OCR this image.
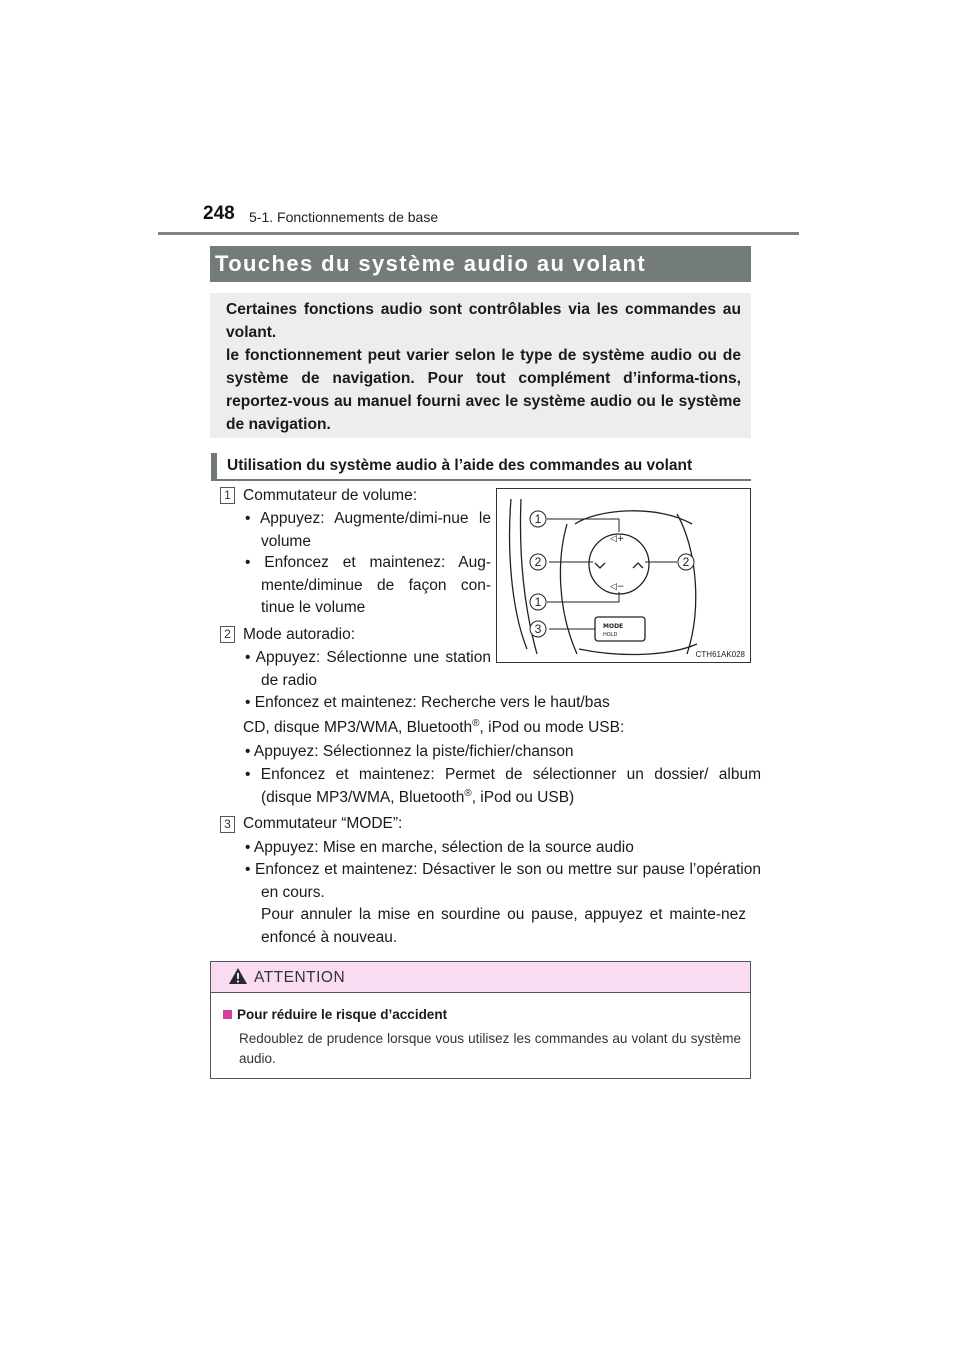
248 5-1. Fonctionnements de base
Touches du système audio au volant

Certaines fonctions audio sont contrôlables via les commandes au volant.

le fonctionnement peut varier selon le type de système audio ou de système de navigation. Pour tout complément d’informa-tions, reportez-vous au manuel fourni avec le système audio ou le système de navigation.

Utilisation du système audio à l’aide des commandes au volant
1 Commutateur de volume:
• Appuyez: Augmente/dimi-nue le volume
• Enfoncez et maintenez: Aug-mente/diminue de façon con-tinue le volume
2 Mode autoradio:
• Appuyez: Sélectionne une station de radio
• Enfoncez et maintenez: Recherche vers le haut/bas
CD, disque MP3/WMA, Bluetooth®, iPod ou mode USB:
• Appuyez: Sélectionnez la piste/fichier/chanson
• Enfoncez et maintenez: Permet de sélectionner un dossier/ album (disque MP3/WMA, Bluetooth®, iPod ou USB)
3 Commutateur “MODE”:
• Appuyez: Mise en marche, sélection de la source audio
• Enfoncez et maintenez: Désactiver le son ou mettre sur pause l’opération en cours.
Pour annuler la mise en sourdine ou pause, appuyez et mainte-nez enfoncé à nouveau.
◁+
◁−
MODE
HOLD
1
2
1
3
2
CTH61AK028
ATTENTION
Pour réduire le risque d’accident
Redoublez de prudence lorsque vous utilisez les commandes au volant du système audio.
